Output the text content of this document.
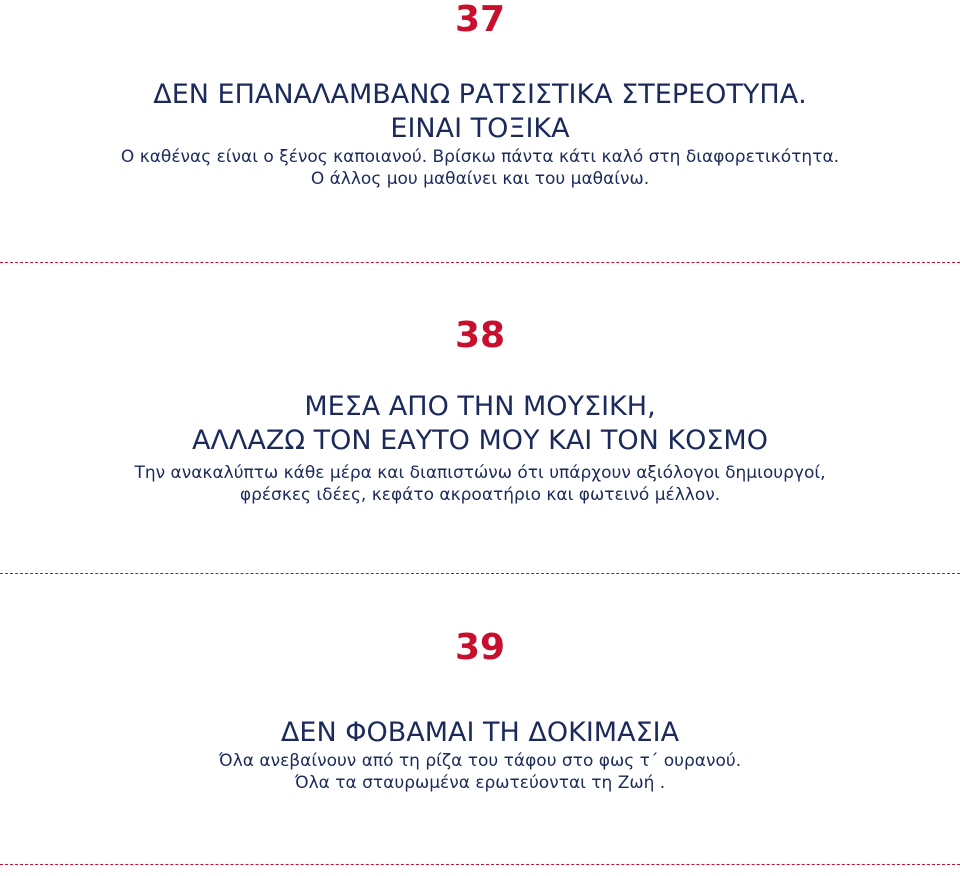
37
ΔΕΝ ΕΠΑΝΑΛΑΜΒΑΝΩ ΡΑΤΣΙΣΤΙΚΑ ΣΤΕΡΕΟΤΥΠΑ.
ΕΙΝΑΙ ΤΟΞΙΚΑ
Ο καθένας είναι ο ξένος καποιανού. Βρίσκω πάντα κάτι καλό στη διαφορετικότητα.
Ο άλλος μου μαθαίνει και του μαθαίνω.
38
ΜΕΣΑ ΑΠΟ ΤΗΝ ΜΟΥΣΙΚΗ,
ΑΛΛΑΖΩ ΤΟΝ ΕΑΥΤΟ ΜΟΥ ΚΑΙ ΤΟΝ ΚΟΣΜΟ
Την ανακαλύπτω κάθε μέρα και διαπιστώνω ότι υπάρχουν αξιόλογοι δημιουργοί,
φρέσκες ιδέες, κεφάτο ακροατήριο και φωτεινό μέλλον.
39
ΔΕΝ ΦΟΒΑΜΑΙ ΤΗ ΔΟΚΙΜΑΣΙΑ
Όλα ανεβαίνουν από τη ρίζα του τάφου στο φως τ΄ ουρανού.
Όλα τα σταυρωμένα ερωτεύονται τη Ζωή .
